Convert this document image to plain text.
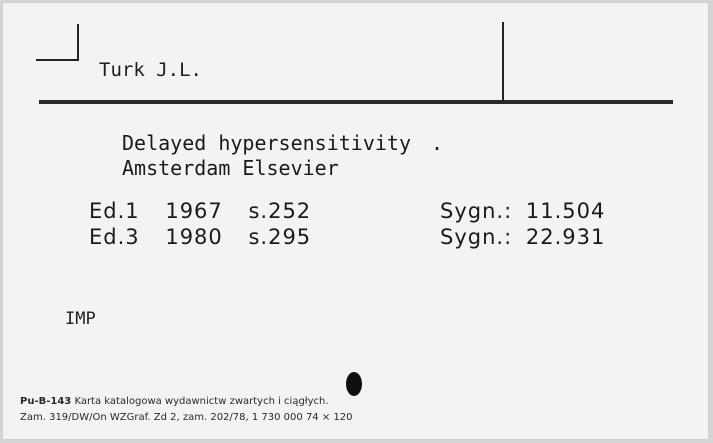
Turk J.L.
Delayed hypersensitivity .
Amsterdam Elsevier
Ed.1 1967 s.252	Sygn.: 11.504
Ed.3 1980 s.295	Sygn.: 22.931
IMP
Pu-B-143 Karta katalogowa wydawnictw zwartych i ciągłych.
Zam. 319/DW/On WZGraf. Zd 2, zam. 202/78, 1 730 000 74 × 120
